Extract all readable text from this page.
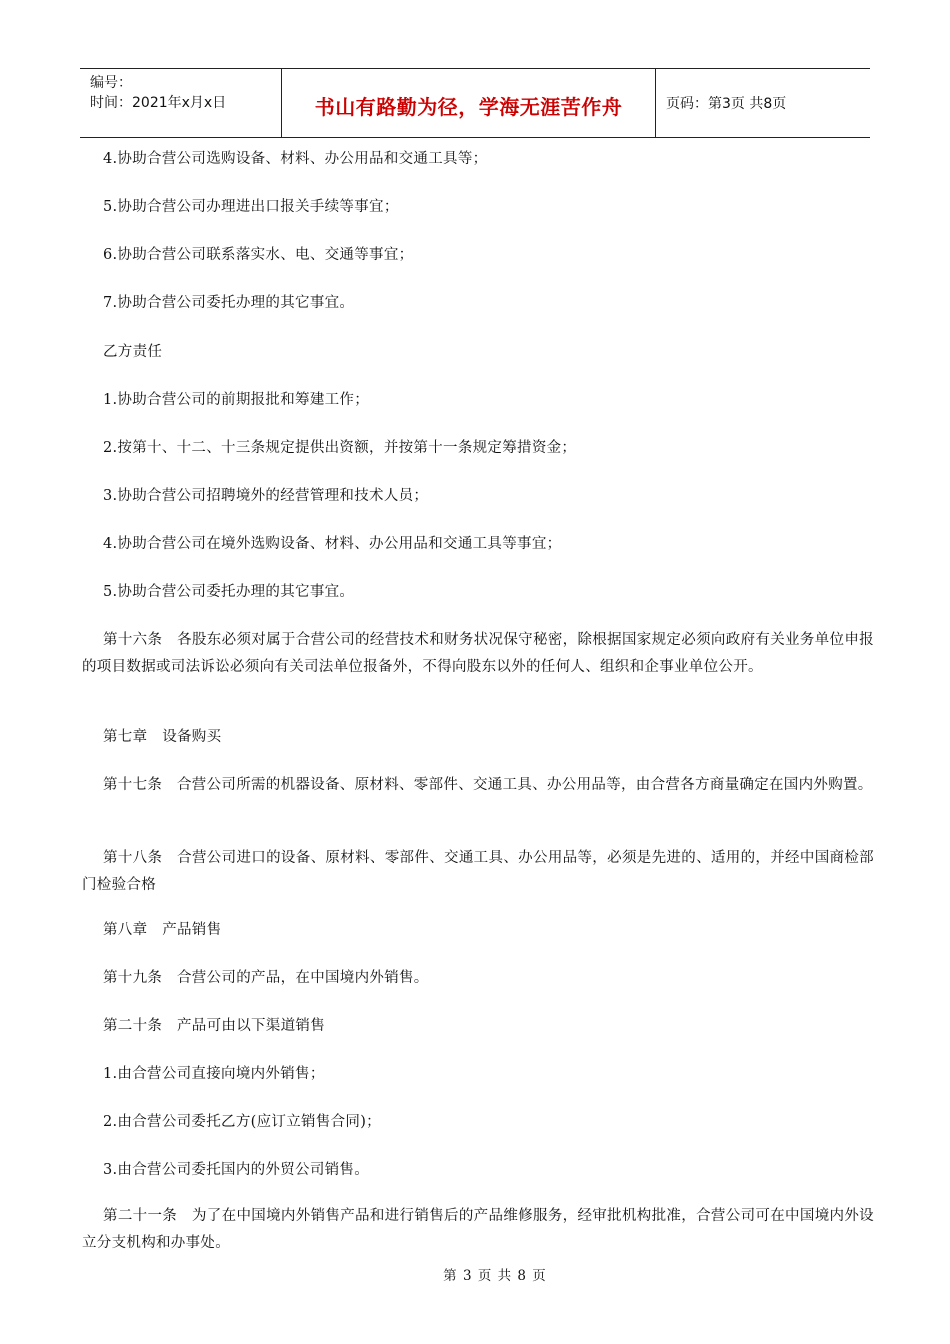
编号：
时间：2021年x月x日	书山有路勤为径，学海无涯苦作舟	页码：第3页 共8页

4.协助合营公司选购设备、材料、办公用品和交通工具等；

5.协助合营公司办理进出口报关手续等事宜；

6.协助合营公司联系落实水、电、交通等事宜；

7.协助合营公司委托办理的其它事宜。

乙方责任

1.协助合营公司的前期报批和筹建工作；

2.按第十、十二、十三条规定提供出资额，并按第十一条规定筹措资金；

3.协助合营公司招聘境外的经营管理和技术人员；

4.协助合营公司在境外选购设备、材料、办公用品和交通工具等事宜；

5.协助合营公司委托办理的其它事宜。

第十六条　各股东必须对属于合营公司的经营技术和财务状况保守秘密，除根据国家规定必须向政府有关业务单位申报的项目数据或司法诉讼必须向有关司法单位报备外，不得向股东以外的任何人、组织和企事业单位公开。

第七章　设备购买

第十七条　合营公司所需的机器设备、原材料、零部件、交通工具、办公用品等，由合营各方商量确定在国内外购置。

第十八条　合营公司进口的设备、原材料、零部件、交通工具、办公用品等，必须是先进的、适用的，并经中国商检部门检验合格

第八章　产品销售

第十九条　合营公司的产品，在中国境内外销售。

第二十条　产品可由以下渠道销售

1.由合营公司直接向境内外销售；

2.由合营公司委托乙方(应订立销售合同)；

3.由合营公司委托国内的外贸公司销售。

第二十一条　为了在中国境内外销售产品和进行销售后的产品维修服务，经审批机构批准，合营公司可在中国境内外设立分支机构和办事处。

第 3 页 共 8 页
